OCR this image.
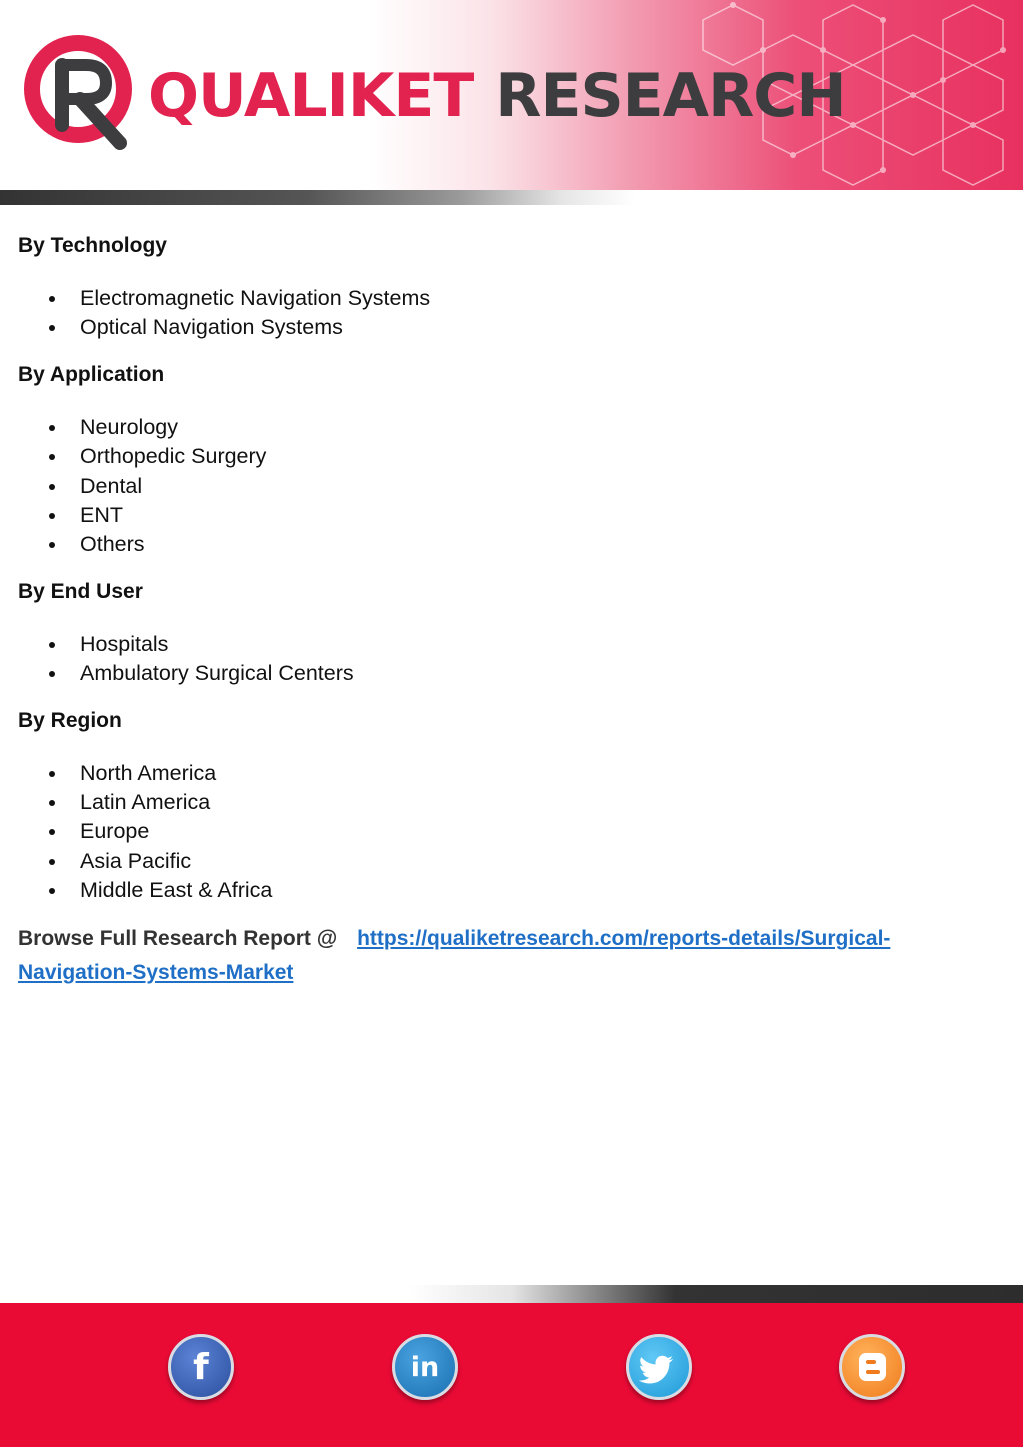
QUALIKET RESEARCH

By Technology

Electromagnetic Navigation Systems
Optical Navigation Systems

By Application

Neurology
Orthopedic Surgery
Dental
ENT
Others

By End User

Hospitals
Ambulatory Surgical Centers

By Region

North America
Latin America
Europe
Asia Pacific
Middle East & Africa
Browse Full Research Report @ https://qualiketresearch.com/reports-details/Surgical-Navigation-Systems-Market
f	in
